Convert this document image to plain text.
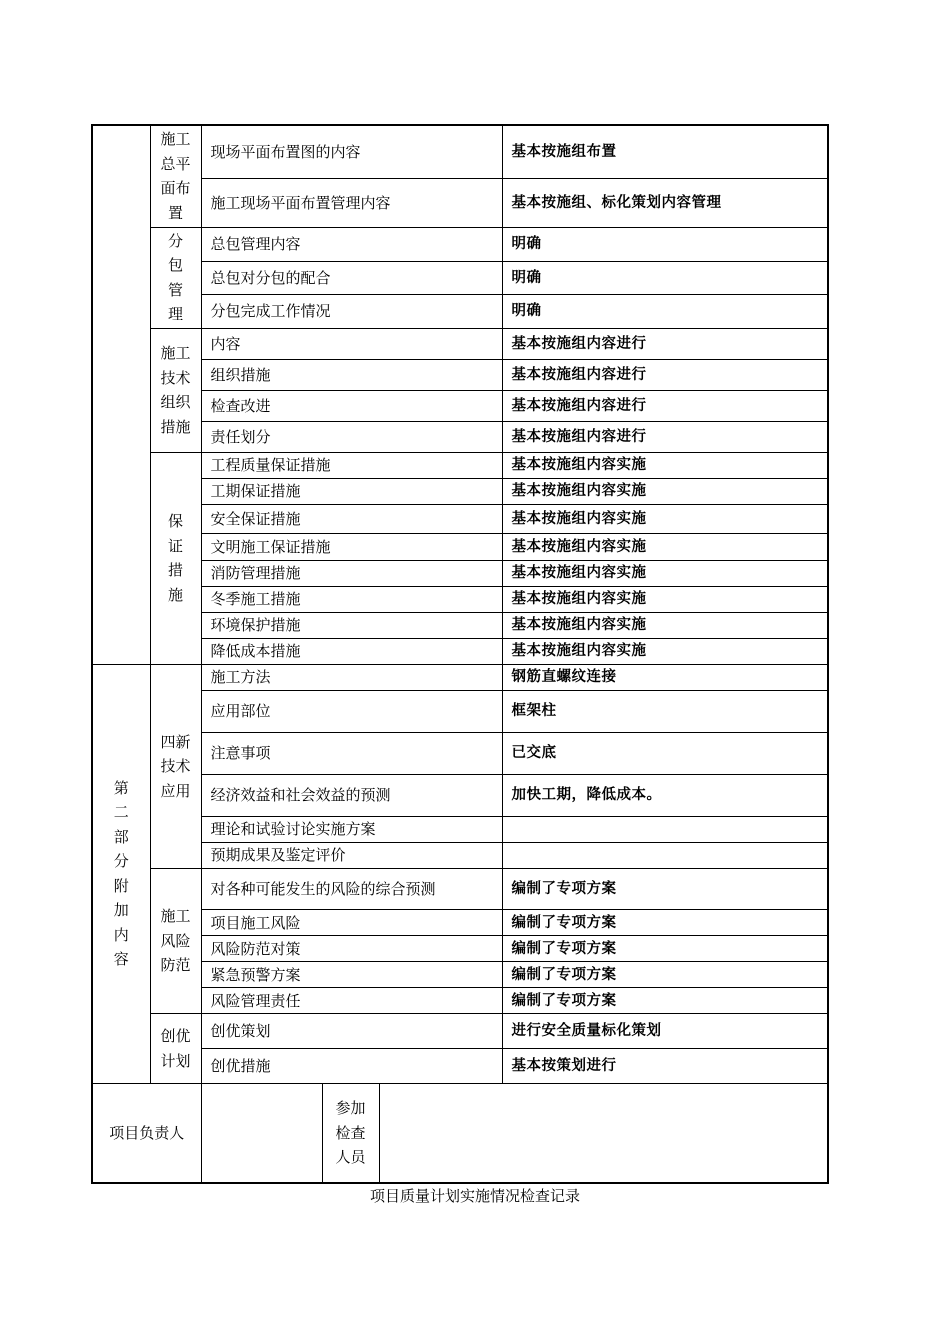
	施工总平面布置	现场平面布置图的内容			基本按施组布置
		施工现场平面布置管理内容			基本按施组、标化策划内容管理
	分包管理	总包管理内容			明确
		总包对分包的配合			明确
		分包完成工作情况			明确
	施工技术组织措施	内容			基本按施组内容进行
		组织措施			基本按施组内容进行
		检查改进			基本按施组内容进行
		责任划分			基本按施组内容进行
	保证措施	工程质量保证措施			基本按施组内容实施
		工期保证措施			基本按施组内容实施
		安全保证措施			基本按施组内容实施
		文明施工保证措施			基本按施组内容实施
		消防管理措施			基本按施组内容实施
		冬季施工措施			基本按施组内容实施
		环境保护措施			基本按施组内容实施
		降低成本措施			基本按施组内容实施
第二部分附加内容	四新技术应用	施工方法			钢筋直螺纹连接
		应用部位			框架柱
		注意事项			已交底
		经济效益和社会效益的预测			加快工期，降低成本。
		理论和试验讨论实施方案			
		预期成果及鉴定评价			
	施工风险防范	对各种可能发生的风险的综合预测			编制了专项方案
		项目施工风险			编制了专项方案
		风险防范对策			编制了专项方案
		紧急预警方案			编制了专项方案
		风险管理责任			编制了专项方案
	创优计划	创优策划			进行安全质量标化策划
		创优措施			基本按策划进行
项目负责人			参加检查人员		
项目质量计划实施情况检查记录
